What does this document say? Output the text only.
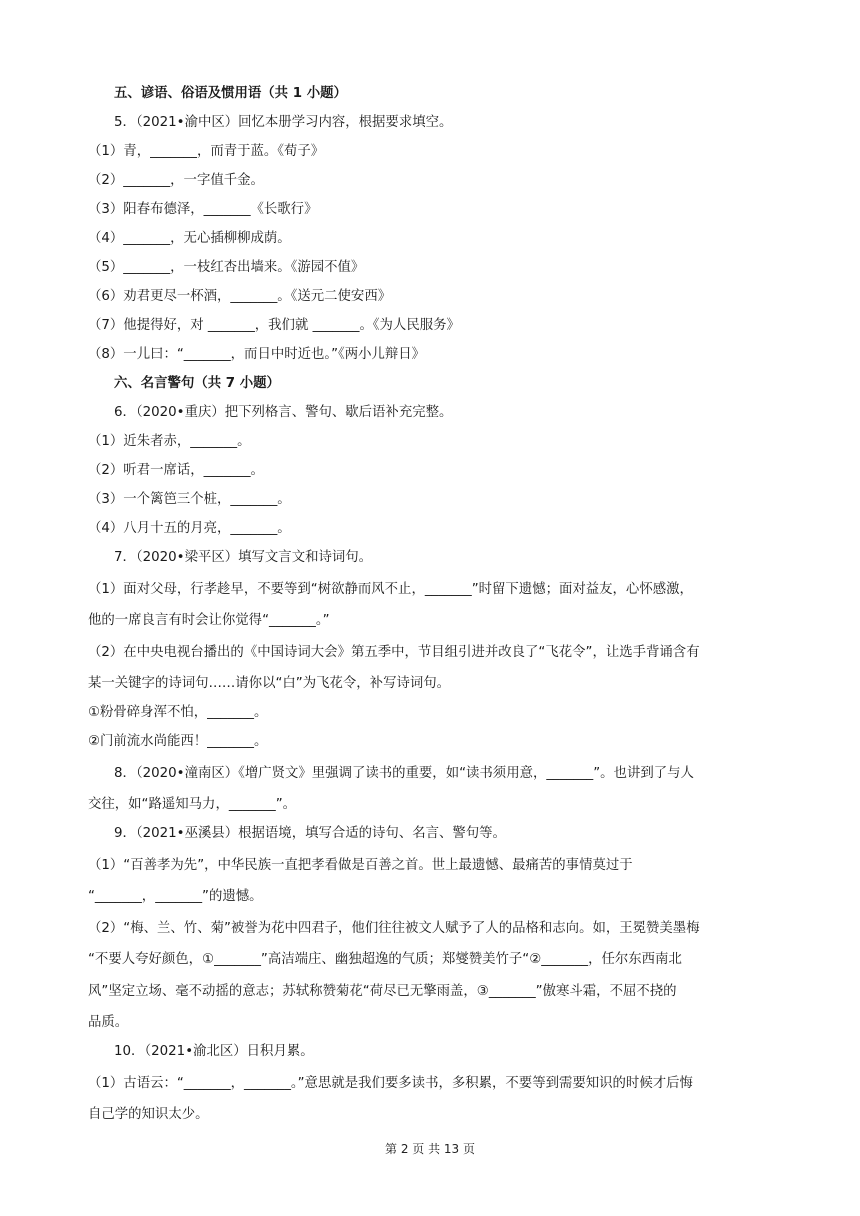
五、谚语、俗语及惯用语（共 1 小题）
5．（2021•渝中区）回忆本册学习内容，根据要求填空。
（1）青，_______，而青于蓝。《荀子》
（2）_______，一字值千金。
（3）阳春布德泽，_______《长歌行》
（4）_______，无心插柳柳成荫。
（5）_______，一枝红杏出墙来。《游园不值》
（6）劝君更尽一杯酒，_______。《送元二使安西》
（7）他提得好，对 _______，我们就 _______。《为人民服务》
（8）一儿曰：“_______，而日中时近也。”《两小儿辩日》
六、名言警句（共 7 小题）
6．（2020•重庆）把下列格言、警句、歇后语补充完整。
（1）近朱者赤，_______。
（2）听君一席话，_______。
（3）一个篱笆三个桩，_______。
（4）八月十五的月亮，_______。
7．（2020•梁平区）填写文言文和诗词句。
（1）面对父母，行孝趁早，不要等到“树欲静而风不止，_______”时留下遗憾；面对益友，心怀感激，
他的一席良言有时会让你觉得“_______。”
（2）在中央电视台播出的《中国诗词大会》第五季中，节目组引进并改良了“飞花令”，让选手背诵含有
某一关键字的诗词句……请你以“白”为飞花令，补写诗词句。
①粉骨碎身浑不怕，_______。
②门前流水尚能西！_______。
8．（2020•潼南区）《增广贤文》里强调了读书的重要，如“读书须用意，_______”。也讲到了与人
交往，如“路遥知马力，_______”。
9．（2021•巫溪县）根据语境，填写合适的诗句、名言、警句等。
（1）“百善孝为先”，中华民族一直把孝看做是百善之首。世上最遗憾、最痛苦的事情莫过于
“_______，_______”的遗憾。
（2）“梅、兰、竹、菊”被誉为花中四君子，他们往往被文人赋予了人的品格和志向。如，王冕赞美墨梅
“不要人夸好颜色，①_______”高洁端庄、幽独超逸的气质；郑燮赞美竹子“②_______，任尔东西南北
风”坚定立场、毫不动摇的意志；苏轼称赞菊花“荷尽已无擎雨盖，③_______”傲寒斗霜，不屈不挠的
品质。
10．（2021•渝北区）日积月累。
（1）古语云：“_______，_______。”意思就是我们要多读书，多积累，不要等到需要知识的时候才后悔
自己学的知识太少。
第 2 页 共 13 页
